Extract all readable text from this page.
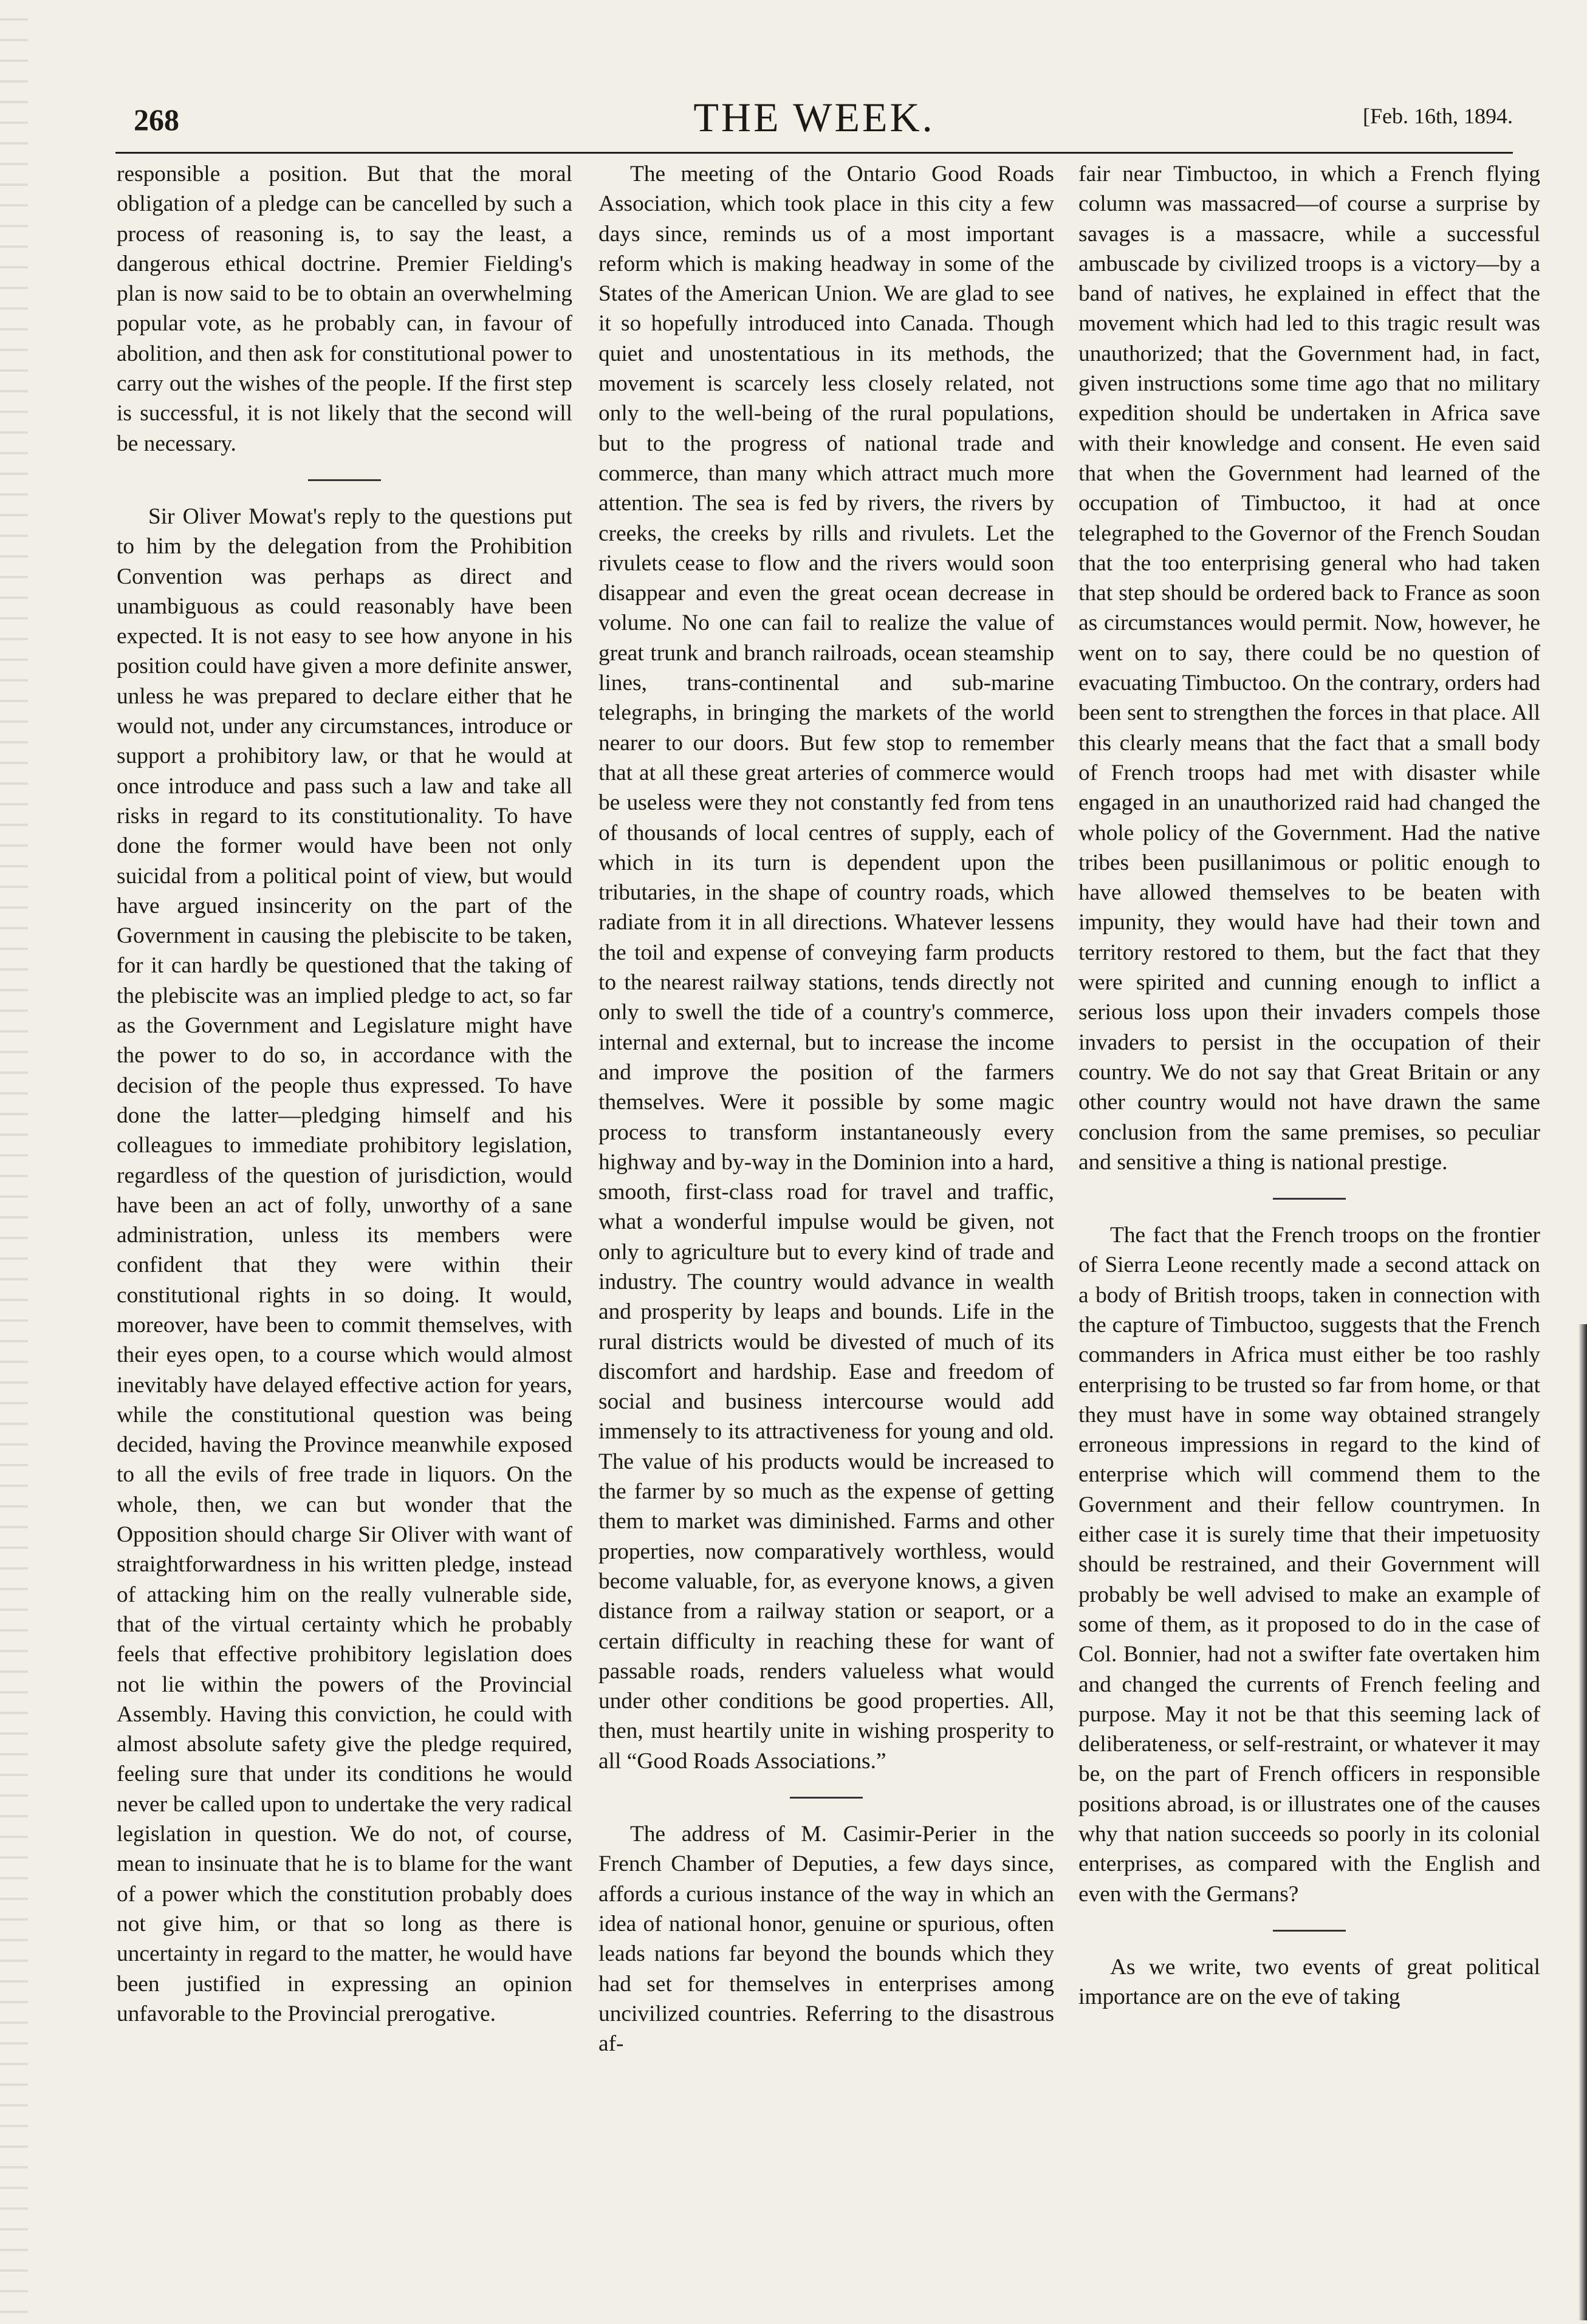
268	THE WEEK.	[Feb. 16th, 1894.

responsible a position. But that the moral obligation of a pledge can be cancelled by such a process of reasoning is, to say the least, a dangerous ethical doctrine. Premier Fielding's plan is now said to be to obtain an overwhelming popular vote, as he probably can, in favour of abolition, and then ask for constitutional power to carry out the wishes of the people. If the first step is successful, it is not likely that the second will be necessary.

Sir Oliver Mowat's reply to the questions put to him by the delegation from the Prohibition Convention was perhaps as direct and unambiguous as could reasonably have been expected. It is not easy to see how anyone in his position could have given a more definite answer, unless he was prepared to declare either that he would not, under any circumstances, introduce or support a prohibitory law, or that he would at once introduce and pass such a law and take all risks in regard to its constitutionality. To have done the former would have been not only suicidal from a political point of view, but would have argued insincerity on the part of the Government in causing the plebiscite to be taken, for it can hardly be questioned that the taking of the plebiscite was an implied pledge to act, so far as the Government and Legislature might have the power to do so, in accordance with the decision of the people thus expressed. To have done the latter—pledging himself and his colleagues to immediate prohibitory legislation, regardless of the question of jurisdiction, would have been an act of folly, unworthy of a sane administration, unless its members were confident that they were within their constitutional rights in so doing. It would, moreover, have been to commit themselves, with their eyes open, to a course which would almost inevitably have delayed effective action for years, while the constitutional question was being decided, having the Province meanwhile exposed to all the evils of free trade in liquors. On the whole, then, we can but wonder that the Opposition should charge Sir Oliver with want of straightforwardness in his written pledge, instead of attacking him on the really vulnerable side, that of the virtual certainty which he probably feels that effective prohibitory legislation does not lie within the powers of the Provincial Assembly. Having this conviction, he could with almost absolute safety give the pledge required, feeling sure that under its conditions he would never be called upon to undertake the very radical legislation in question. We do not, of course, mean to insinuate that he is to blame for the want of a power which the constitution probably does not give him, or that so long as there is uncertainty in regard to the matter, he would have been justified in expressing an opinion unfavorable to the Provincial prerogative.

The meeting of the Ontario Good Roads Association, which took place in this city a few days since, reminds us of a most important reform which is making headway in some of the States of the American Union. We are glad to see it so hopefully introduced into Canada. Though quiet and unostentatious in its methods, the movement is scarcely less closely related, not only to the well-being of the rural populations, but to the progress of national trade and commerce, than many which attract much more attention. The sea is fed by rivers, the rivers by creeks, the creeks by rills and rivulets. Let the rivulets cease to flow and the rivers would soon disappear and even the great ocean decrease in volume. No one can fail to realize the value of great trunk and branch railroads, ocean steamship lines, trans-continental and sub-marine telegraphs, in bringing the markets of the world nearer to our doors. But few stop to remember that at all these great arteries of commerce would be useless were they not constantly fed from tens of thousands of local centres of supply, each of which in its turn is dependent upon the tributaries, in the shape of country roads, which radiate from it in all directions. Whatever lessens the toil and expense of conveying farm products to the nearest railway stations, tends directly not only to swell the tide of a country's commerce, internal and external, but to increase the income and improve the position of the farmers themselves. Were it possible by some magic process to transform instantaneously every highway and by-way in the Dominion into a hard, smooth, first-class road for travel and traffic, what a wonderful impulse would be given, not only to agriculture but to every kind of trade and industry. The country would advance in wealth and prosperity by leaps and bounds. Life in the rural districts would be divested of much of its discomfort and hardship. Ease and freedom of social and business intercourse would add immensely to its attractiveness for young and old. The value of his products would be increased to the farmer by so much as the expense of getting them to market was diminished. Farms and other properties, now comparatively worthless, would become valuable, for, as everyone knows, a given distance from a railway station or seaport, or a certain difficulty in reaching these for want of passable roads, renders valueless what would under other conditions be good properties. All, then, must heartily unite in wishing prosperity to all “Good Roads Associations.”

The address of M. Casimir-Perier in the French Chamber of Deputies, a few days since, affords a curious instance of the way in which an idea of national honor, genuine or spurious, often leads nations far beyond the bounds which they had set for themselves in enterprises among uncivilized countries. Referring to the disastrous af-

fair near Timbuctoo, in which a French flying column was massacred—of course a surprise by savages is a massacre, while a successful ambuscade by civilized troops is a victory—by a band of natives, he explained in effect that the movement which had led to this tragic result was unauthorized; that the Government had, in fact, given instructions some time ago that no military expedition should be undertaken in Africa save with their knowledge and consent. He even said that when the Government had learned of the occupation of Timbuctoo, it had at once telegraphed to the Governor of the French Soudan that the too enterprising general who had taken that step should be ordered back to France as soon as circumstances would permit. Now, however, he went on to say, there could be no question of evacuating Timbuctoo. On the contrary, orders had been sent to strengthen the forces in that place. All this clearly means that the fact that a small body of French troops had met with disaster while engaged in an unauthorized raid had changed the whole policy of the Government. Had the native tribes been pusillanimous or politic enough to have allowed themselves to be beaten with impunity, they would have had their town and territory restored to them, but the fact that they were spirited and cunning enough to inflict a serious loss upon their invaders compels those invaders to persist in the occupation of their country. We do not say that Great Britain or any other country would not have drawn the same conclusion from the same premises, so peculiar and sensitive a thing is national prestige.

The fact that the French troops on the frontier of Sierra Leone recently made a second attack on a body of British troops, taken in connection with the capture of Timbuctoo, suggests that the French commanders in Africa must either be too rashly enterprising to be trusted so far from home, or that they must have in some way obtained strangely erroneous impressions in regard to the kind of enterprise which will commend them to the Government and their fellow countrymen. In either case it is surely time that their impetuosity should be restrained, and their Government will probably be well advised to make an example of some of them, as it proposed to do in the case of Col. Bonnier, had not a swifter fate overtaken him and changed the currents of French feeling and purpose. May it not be that this seeming lack of deliberateness, or self-restraint, or whatever it may be, on the part of French officers in responsible positions abroad, is or illustrates one of the causes why that nation succeeds so poorly in its colonial enterprises, as compared with the English and even with the Germans?

As we write, two events of great political importance are on the eve of taking
